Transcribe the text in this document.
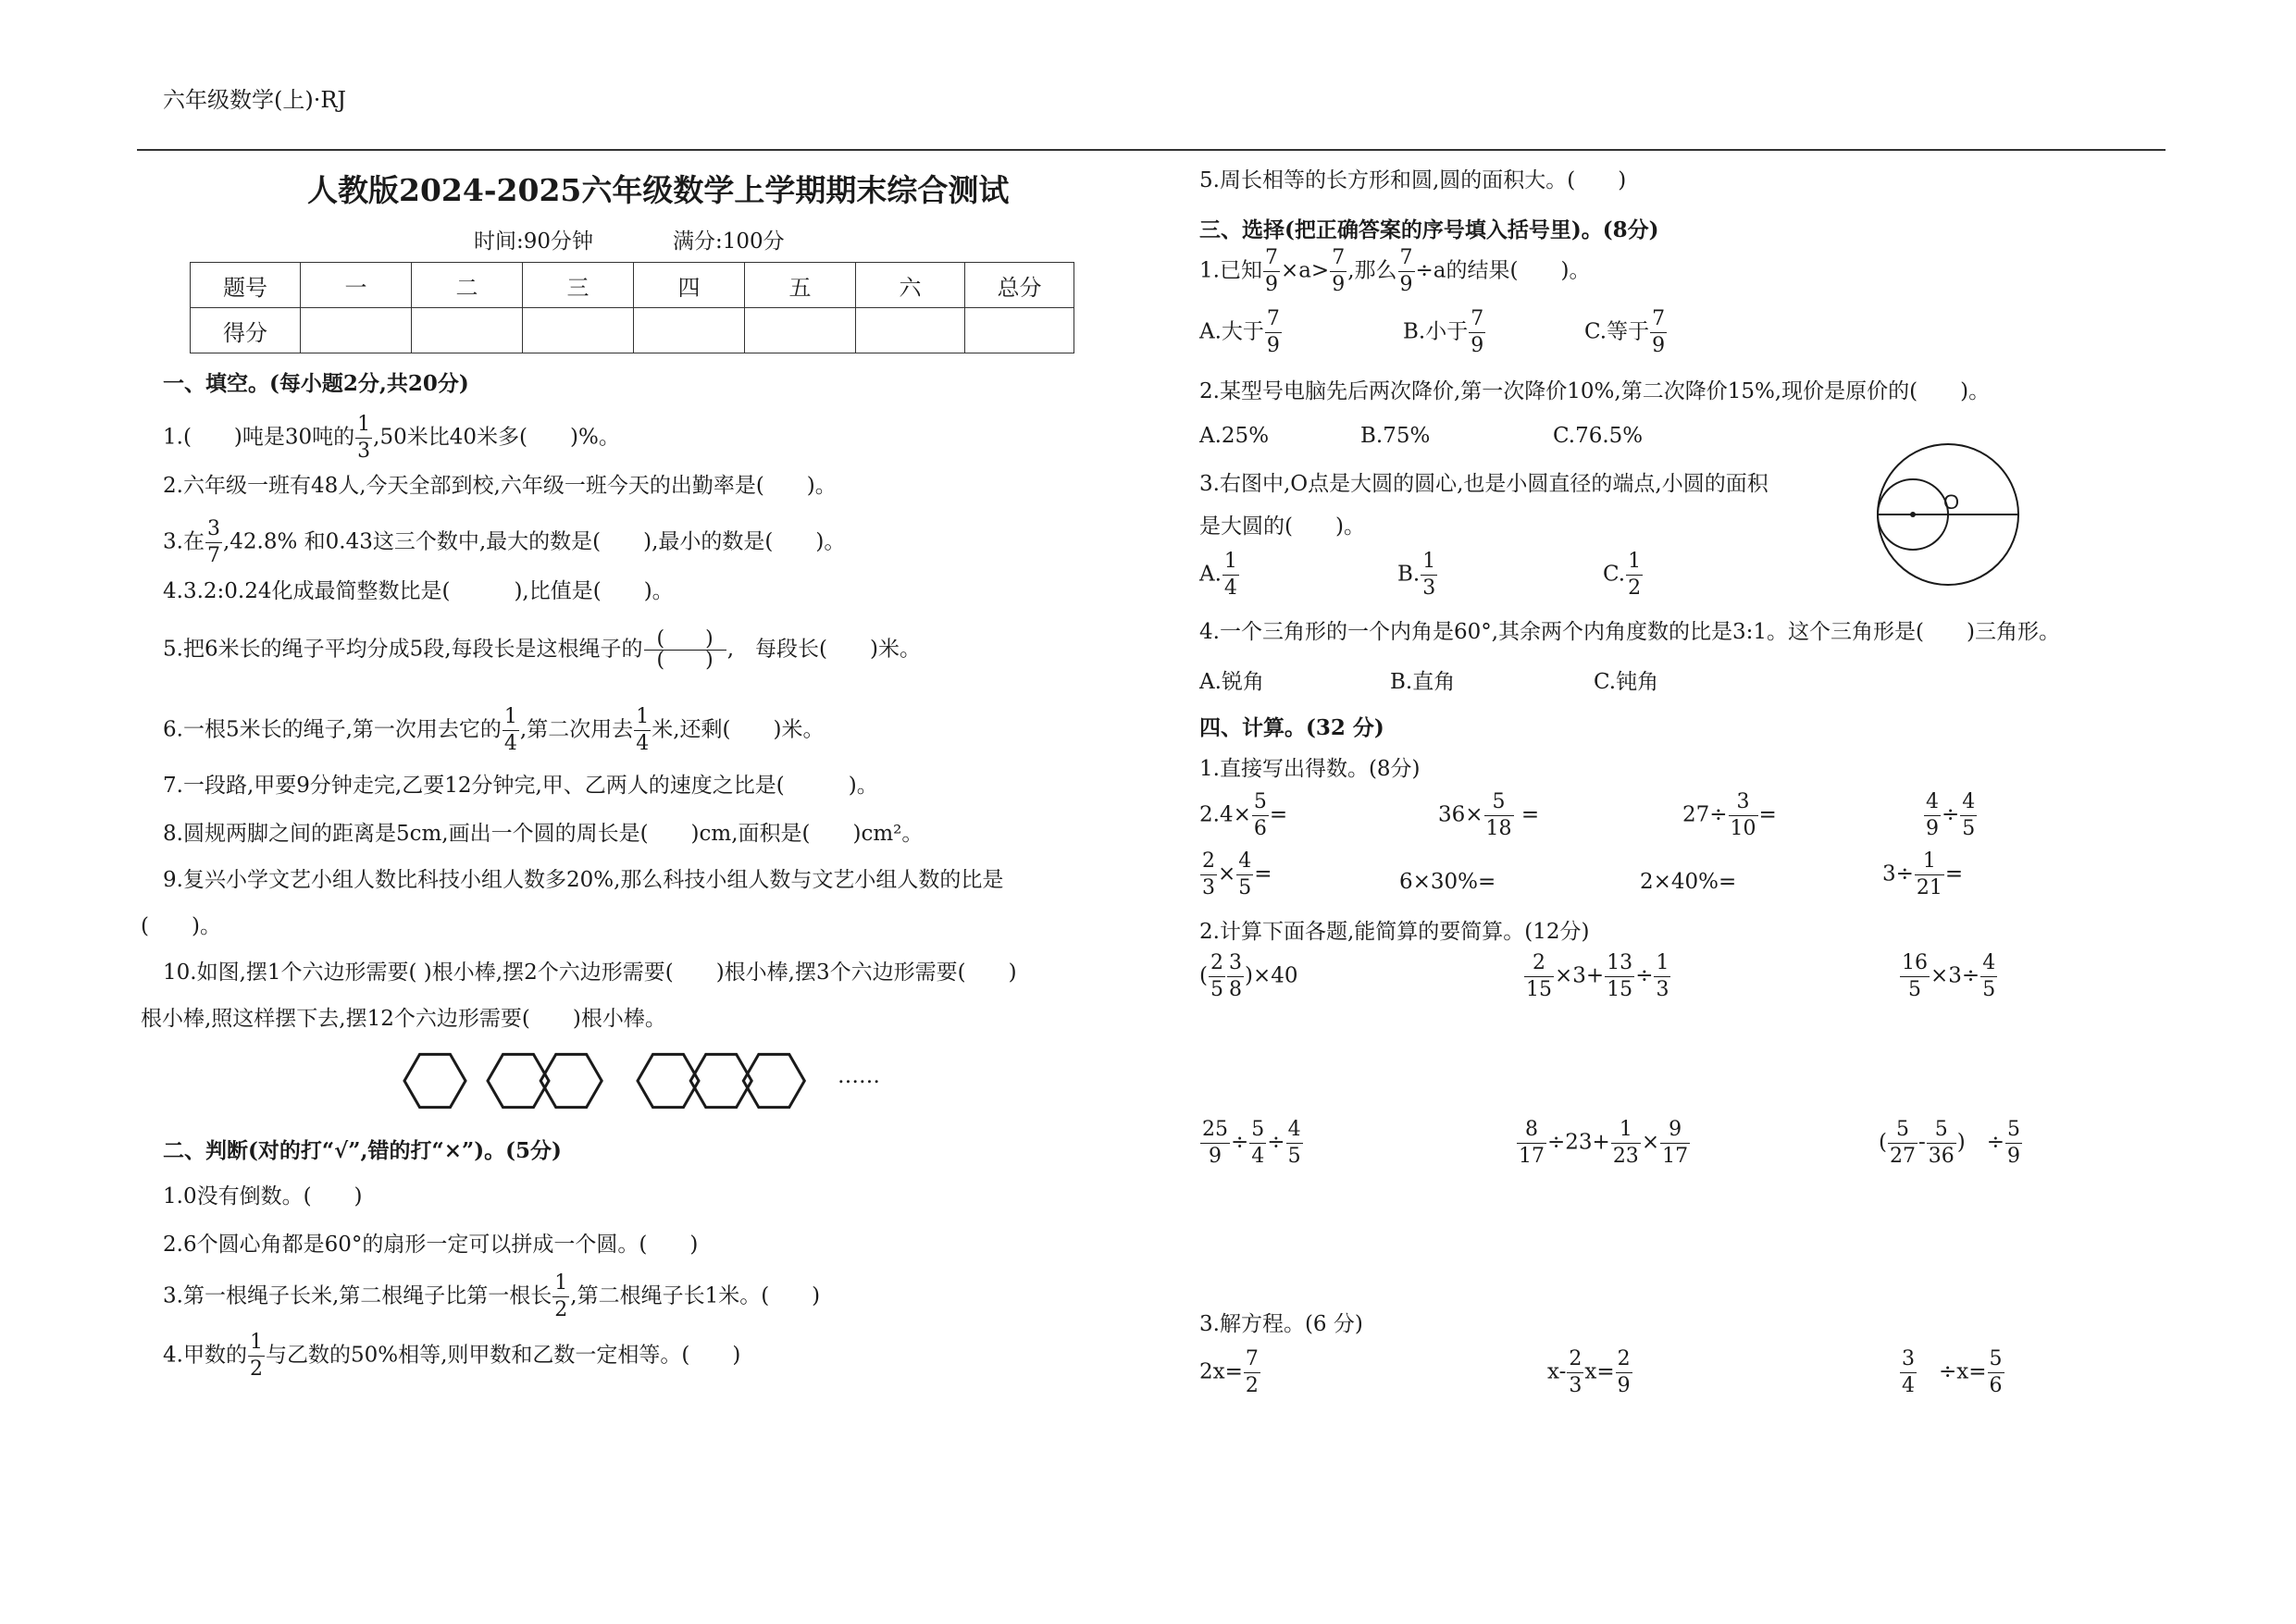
六年级数学(上)·RJ
人教版2024-2025六年级数学上学期期末综合测试
时间:90分钟	满分:100分
题号	一	二	三	四	五	六	总分
得分							
一、填空。(每小题2分,共20分)
1.(　　)吨是30吨的 $\frac{1}{3} ,50$米比40米多(　　)%。
2.六年级一班有48人,今天全部到校,六年级一班今天的出勤率是(　　)。
3.在 $\frac{3}{7} ,42.8\%$ 和0.43这三个数中,最大的数是(　　),最小的数是(　　)。
4.3.2:0.24化成最简整数比是(　　　),比值是(　　)。
5.把6米长的绳子平均分成5段,每段长是这根绳子的 (　　)
(　　) ,　每段长(　　)米。
6.一根5米长的绳子,第一次用去它的 $\frac{1}{4}$ ,第二次用去 $\frac{1}{4}$ 米,还剩(　　)米。
7.一段路,甲要9分钟走完,乙要12分钟完,甲、乙两人的速度之比是(　　　)。
8.圆规两脚之间的距离是5cm,画出一个圆的周长是(　　)cm,面积是(　　)cm²。
9.复兴小学文艺小组人数比科技小组人数多20%,那么科技小组人数与文艺小组人数的比是
(　　)。
10.如图,摆1个六边形需要( )根小棒,摆2个六边形需要(　　)根小棒,摆3个六边形需要(　　)
根小棒,照这样摆下去,摆12个六边形需要(　　)根小棒。
……
二、判断(对的打“√”,错的打“×”)。(5分)
1.0没有倒数。(　　)
2.6个圆心角都是60°的扇形一定可以拼成一个圆。(　　)
3.第一根绳子长米,第二根绳子比第一根长 $\frac{1}{2}$ ,第二根绳子长1米。(　　)
4.甲数的 $\frac{1}{2}$ 与乙数的50%相等,则甲数和乙数一定相等。(　　)
5.周长相等的长方形和圆,圆的面积大。(　　)
三、选择(把正确答案的序号填入括号里)。(8分)
1.已知 $\frac{7}{9} \times a> \frac{7}{9}$ ,那么 $\frac{7}{9} \div a$的结果(　　)。
A.大于 $\frac{7}{9}$	B.小于 $\frac{7}{9}$	C.等于 $\frac{7}{9}$
2.某型号电脑先后两次降价,第一次降价10%,第二次降价15%,现价是原价的(　　)。
A.25%	B.75%	C.76.5%
3.右图中,O点是大圆的圆心,也是小圆直径的端点,小圆的面积
是大圆的(　　)。
O
A. $\frac{1}{4}$	B. $\frac{1}{3}$	C. $\frac{1}{2}$
4.一个三角形的一个内角是60°,其余两个内角度数的比是3:1。这个三角形是(　　)三角形。
A.锐角	B.直角	C.钝角
四、计算。(32 分)
1.直接写出得数。(8分)
$2.4\times \frac{5}{6}$ =	$36\times \frac{5}{18}$ =	$27\div \frac{3}{10}$ =	$\frac{4}{9} \div \frac{4}{5}$
$\frac{2}{3} \times \frac{4}{5}$ =	6×30%=	2×40%=	$3\div \frac{1}{21}$ =
2.计算下面各题,能简算的要简算。(12分)
( $\frac{2}{5} \frac{3}{8} )\times 40$	$\frac{2}{15} \times 3+ \frac{13}{15} \div \frac{1}{3}$	$\frac{16}{5} \times 3\div \frac{4}{5}$
$\frac{25}{9} \div \frac{5}{4} \div \frac{4}{5}$	$\frac{8}{17} \div 23+ \frac{1}{23} \times \frac{9}{17}$	( $\frac{5}{27} - \frac{5}{36}$ )　÷ $\frac{5}{9}$
3.解方程。(6 分)
$2x= \frac{7}{2}$	$x- \frac{2}{3} x= \frac{2}{9}$	$\frac{3}{4}$ 　$\div x= \frac{5}{6}$
